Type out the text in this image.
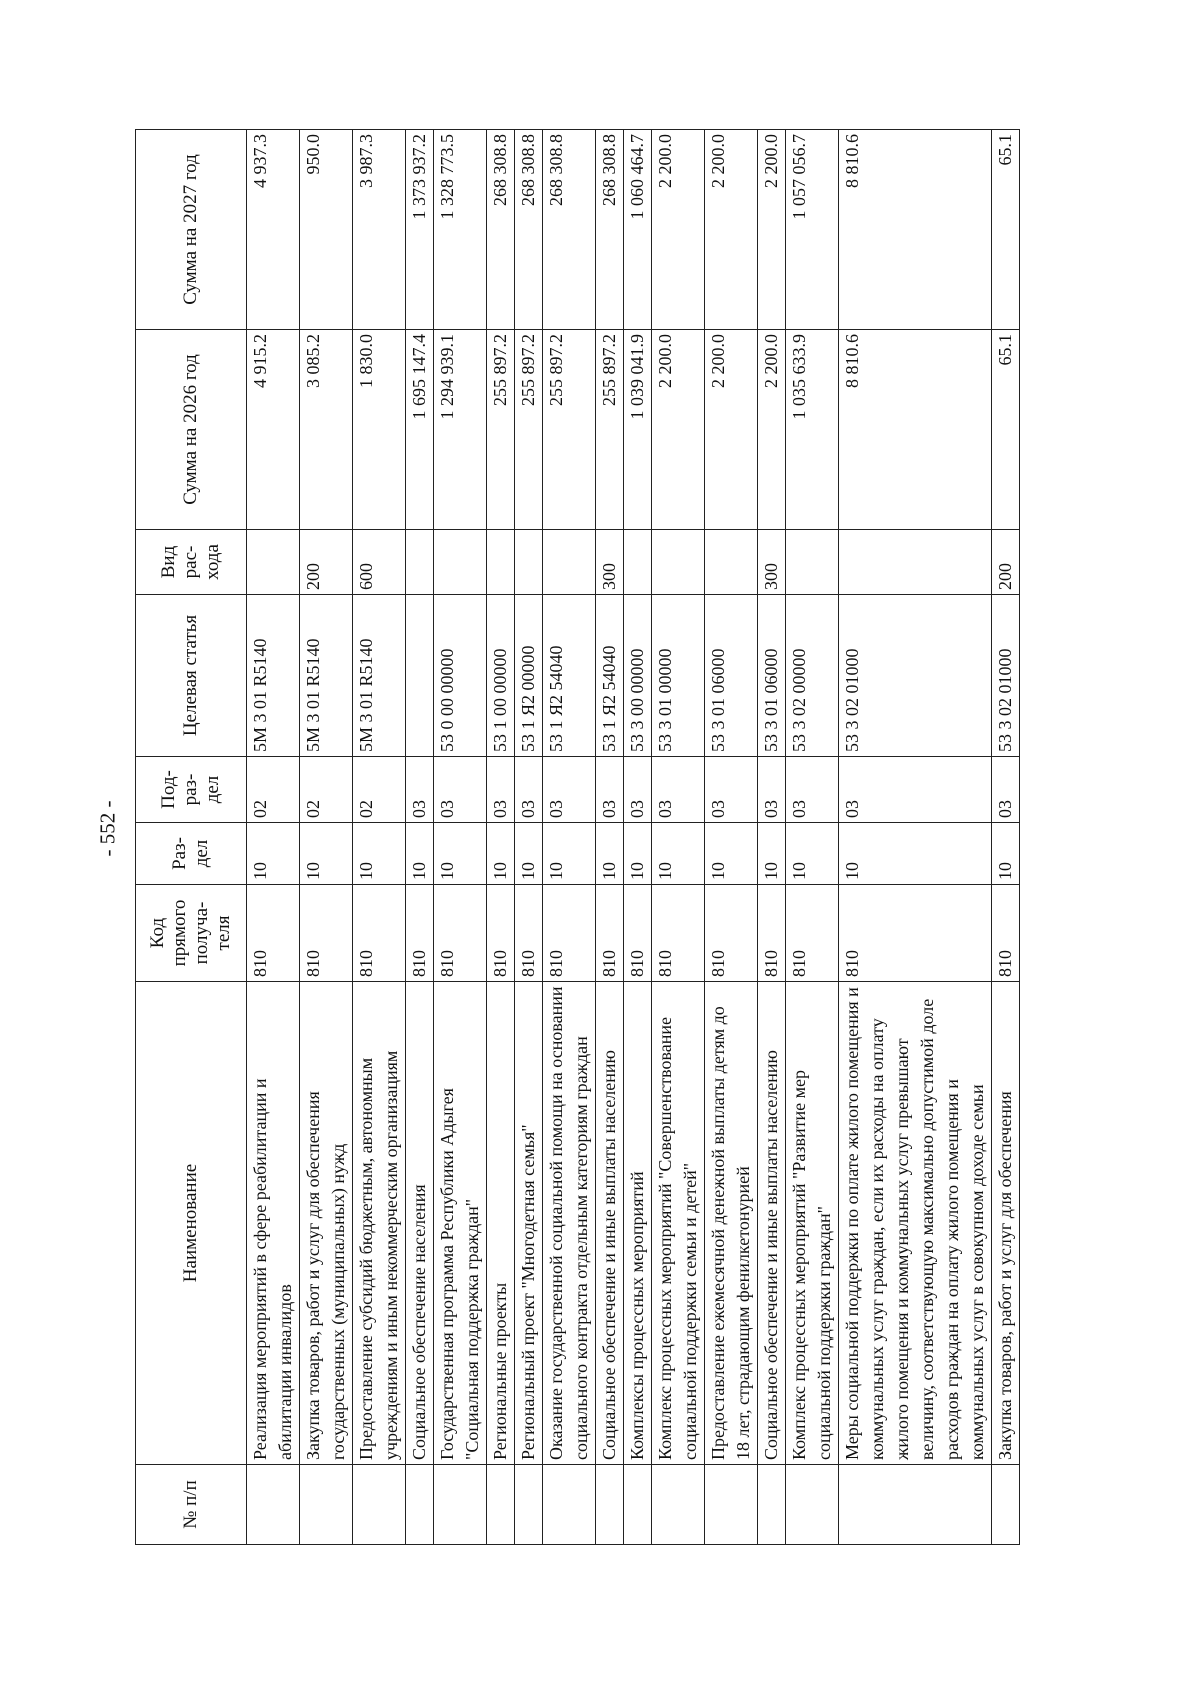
- 552 -
№ п/п	Наименование	Код прямого получа-теля	Раз-дел	Под-раз-дел	Целевая статья	Вид рас-хода	Сумма на 2026 год	Сумма на 2027 год
	Реализация мероприятий в сфере реабилитации и абилитации инвалидов	810	10	02	5М 3 01 R5140		4 915.2	4 937.3
	Закупка товаров, работ и услуг для обеспечения государственных (муниципальных) нужд	810	10	02	5М 3 01 R5140	200	3 085.2	950.0
	Предоставление субсидий бюджетным, автономным учреждениям и иным некоммерческим организациям	810	10	02	5М 3 01 R5140	600	1 830.0	3 987.3
	Социальное обеспечение населения	810	10	03			1 695 147.4	1 373 937.2
	Государственная программа Республики Адыгея "Социальная поддержка граждан"	810	10	03	53 0 00 00000		1 294 939.1	1 328 773.5
	Региональные проекты	810	10	03	53 1 00 00000		255 897.2	268 308.8
	Региональный проект "Многодетная семья"	810	10	03	53 1 Я2 00000		255 897.2	268 308.8
	Оказание государственной социальной помощи на основании социального контракта отдельным категориям граждан	810	10	03	53 1 Я2 54040		255 897.2	268 308.8
	Социальное обеспечение и иные выплаты населению	810	10	03	53 1 Я2 54040	300	255 897.2	268 308.8
	Комплексы процессных мероприятий	810	10	03	53 3 00 00000		1 039 041.9	1 060 464.7
	Комплекс процессных мероприятий "Совершенствование социальной поддержки семьи и детей"	810	10	03	53 3 01 00000		2 200.0	2 200.0
	Предоставление ежемесячной денежной выплаты детям до 18 лет, страдающим фенилкетонурией	810	10	03	53 3 01 06000		2 200.0	2 200.0
	Социальное обеспечение и иные выплаты населению	810	10	03	53 3 01 06000	300	2 200.0	2 200.0
	Комплекс процессных мероприятий "Развитие мер социальной поддержки граждан"	810	10	03	53 3 02 00000		1 035 633.9	1 057 056.7
	Меры социальной поддержки по оплате жилого помещения и коммунальных услуг граждан, если их расходы на оплату жилого помещения и коммунальных услуг превышают величину, соответствующую максимально допустимой доле расходов граждан на оплату жилого помещения и коммунальных услуг в совокупном доходе семьи	810	10	03	53 3 02 01000		8 810.6	8 810.6
	Закупка товаров, работ и услуг для обеспечения	810	10	03	53 3 02 01000	200	65.1	65.1
